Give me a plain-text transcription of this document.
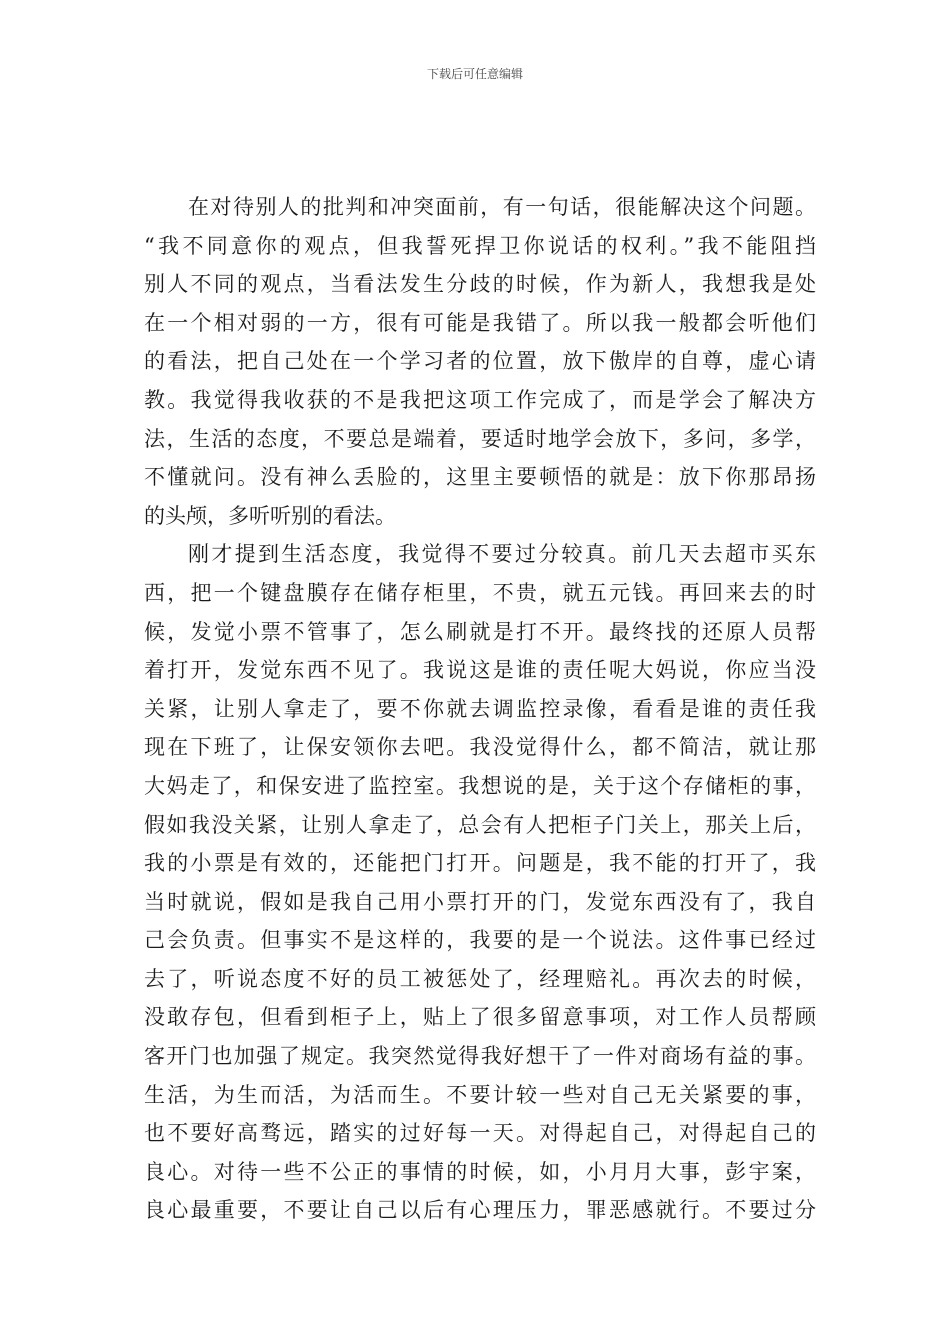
下载后可任意编辑
在对待别人的批判和冲突面前，有一句话，很能解决这个问题。
“我不同意你的观点，但我誓死捍卫你说话的权利。”我不能阻挡
别人不同的观点，当看法发生分歧的时候，作为新人，我想我是处
在一个相对弱的一方，很有可能是我错了。所以我一般都会听他们
的看法，把自己处在一个学习者的位置，放下傲岸的自尊，虚心请
教。我觉得我收获的不是我把这项工作完成了，而是学会了解决方
法，生活的态度，不要总是端着，要适时地学会放下，多问，多学，
不懂就问。没有神么丢脸的，这里主要顿悟的就是：放下你那昂扬
的头颅，多听听别的看法。
刚才提到生活态度，我觉得不要过分较真。前几天去超市买东
西，把一个键盘膜存在储存柜里，不贵，就五元钱。再回来去的时
候，发觉小票不管事了，怎么刷就是打不开。最终找的还原人员帮
着打开，发觉东西不见了。我说这是谁的责任呢大妈说，你应当没
关紧，让别人拿走了，要不你就去调监控录像，看看是谁的责任我
现在下班了，让保安领你去吧。我没觉得什么，都不简洁，就让那
大妈走了，和保安进了监控室。我想说的是，关于这个存储柜的事，
假如我没关紧，让别人拿走了，总会有人把柜子门关上，那关上后，
我的小票是有效的，还能把门打开。问题是，我不能的打开了，我
当时就说，假如是我自己用小票打开的门，发觉东西没有了，我自
己会负责。但事实不是这样的，我要的是一个说法。这件事已经过
去了，听说态度不好的员工被惩处了，经理赔礼。再次去的时候，
没敢存包，但看到柜子上，贴上了很多留意事项，对工作人员帮顾
客开门也加强了规定。我突然觉得我好想干了一件对商场有益的事。
生活，为生而活，为活而生。不要计较一些对自己无关紧要的事，
也不要好高骛远，踏实的过好每一天。对得起自己，对得起自己的
良心。对待一些不公正的事情的时候，如，小月月大事，彭宇案，
良心最重要，不要让自己以后有心理压力，罪恶感就行。不要过分
